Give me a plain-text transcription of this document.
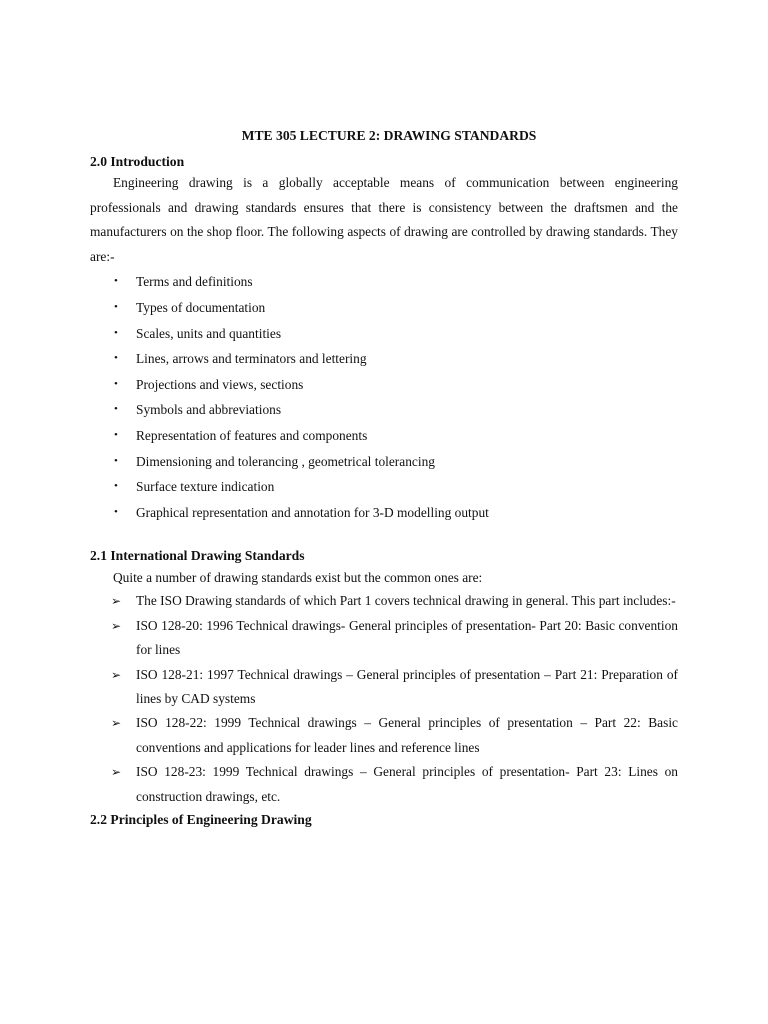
MTE 305 LECTURE 2: DRAWING STANDARDS
2.0 Introduction

Engineering drawing is a globally acceptable means of communication between engineering professionals and drawing standards ensures that there is consistency between the draftsmen and the manufacturers on the shop floor. The following aspects of drawing are controlled by drawing standards. They are:-

• Terms and definitions
• Types of documentation
• Scales, units and quantities
• Lines, arrows and terminators and lettering
• Projections and views, sections
• Symbols and abbreviations
• Representation of features and components
• Dimensioning and tolerancing , geometrical tolerancing
• Surface texture indication
• Graphical representation and annotation for 3-D modelling output
2.1 International Drawing Standards

Quite a number of drawing standards exist but the common ones are:

➢ The ISO Drawing standards of which Part 1 covers technical drawing in general. This part includes:-
➢ ISO 128-20: 1996 Technical drawings- General principles of presentation- Part 20: Basic convention for lines
➢ ISO 128-21: 1997 Technical drawings – General principles of presentation – Part 21: Preparation of lines by CAD systems
➢ ISO 128-22: 1999 Technical drawings – General principles of presentation – Part 22: Basic conventions and applications for leader lines and reference lines
➢ ISO 128-23: 1999 Technical drawings – General principles of presentation- Part 23: Lines on construction drawings, etc.
2.2 Principles of Engineering Drawing
